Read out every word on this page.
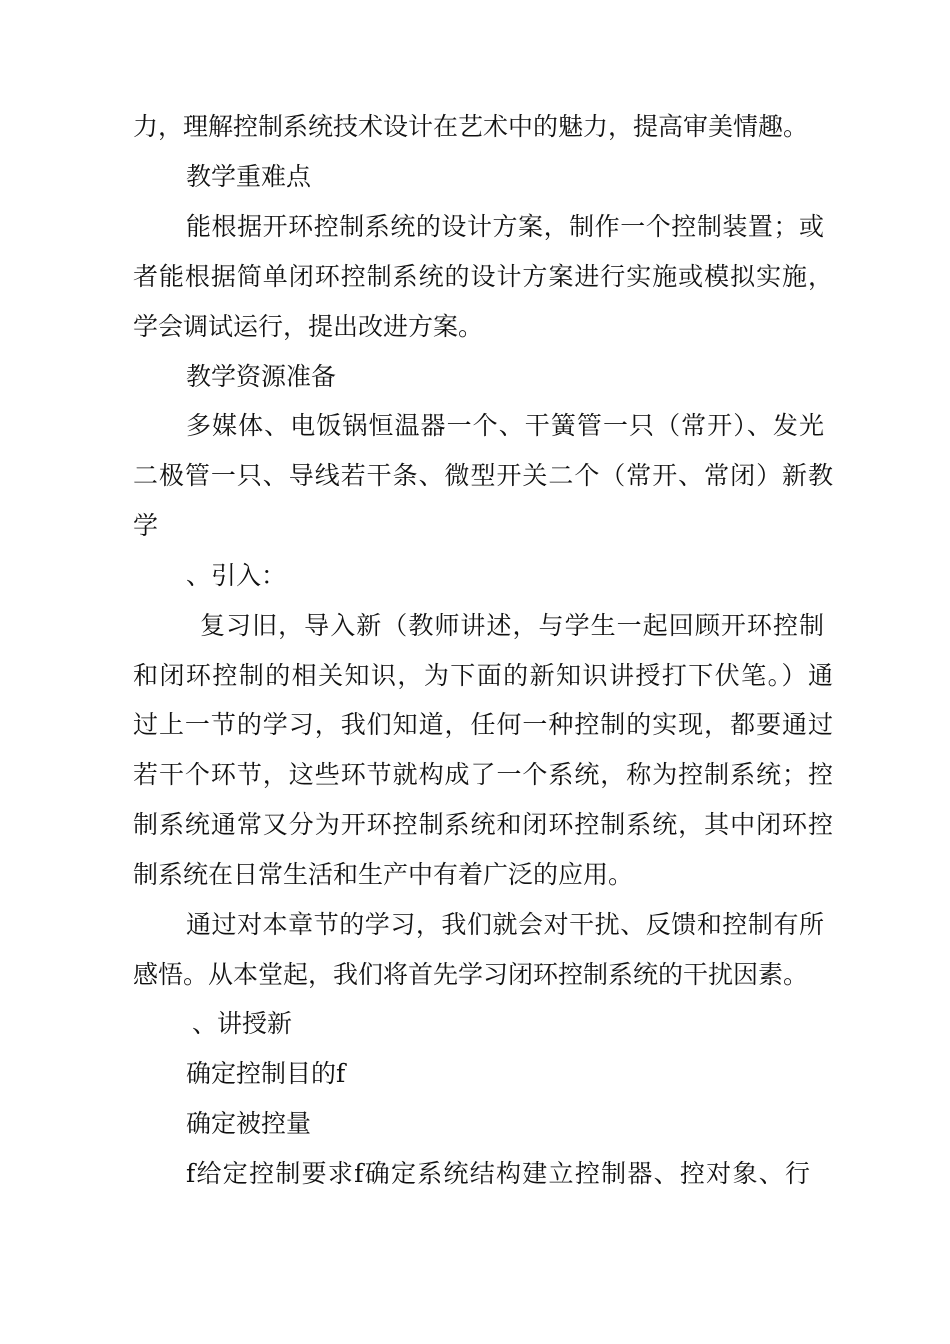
力，理解控制系统技术设计在艺术中的魅力，提高审美情趣。
教学重难点
能根据开环控制系统的设计方案，制作一个控制装置；或
者能根据简单闭环控制系统的设计方案进行实施或模拟实施，
学会调试运行，提出改进方案。
教学资源准备
多媒体、电饭锅恒温器一个、干簧管一只（常开）、发光
二极管一只、导线若干条、微型开关二个（常开、常闭）新教
学
、引入：
复习旧，导入新（教师讲述，与学生一起回顾开环控制
和闭环控制的相关知识，为下面的新知识讲授打下伏笔。）通
过上一节的学习，我们知道，任何一种控制的实现，都要通过
若干个环节，这些环节就构成了一个系统，称为控制系统；控
制系统通常又分为开环控制系统和闭环控制系统，其中闭环控
制系统在日常生活和生产中有着广泛的应用。
通过对本章节的学习，我们就会对干扰、反馈和控制有所
感悟。从本堂起，我们将首先学习闭环控制系统的干扰因素。
、讲授新
确定控制目的f
确定被控量
f给定控制要求f确定系统结构建立控制器、控对象、行
